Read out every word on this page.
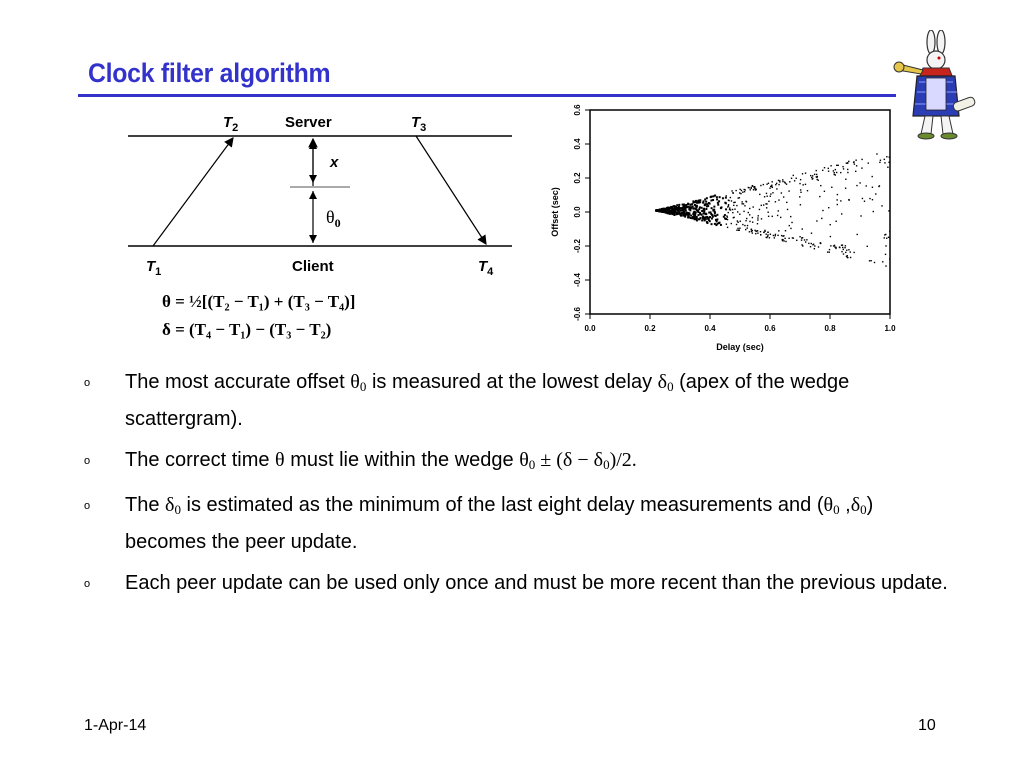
Clock filter algorithm
$T_2$	Server	$T_3$
x
$\theta_0$
$T_1$	Client	$T_4$
θ = ½[(T₂ − T₁) + (T₃ − T₄)]
δ = (T₄ − T₁) − (T₃ − T₂)	0.0	0.2	0.4	0.6	0.8	1.0
-0.6
-0.4
-0.2
0.0
0.2
0.4
0.6
Delay (sec)
Offset (sec)
o The most accurate offset θ0 is measured at the lowest delay δ0 (apex of the wedge scattergram).
o The correct time θ must lie within the wedge θ0 ± (δ − δ0)/2.
o The δ0 is estimated as the minimum of the last eight delay measurements and (θ0 ,δ0) becomes the peer update.
o Each peer update can be used only once and must be more recent than the previous update.
1-Apr-14	10
